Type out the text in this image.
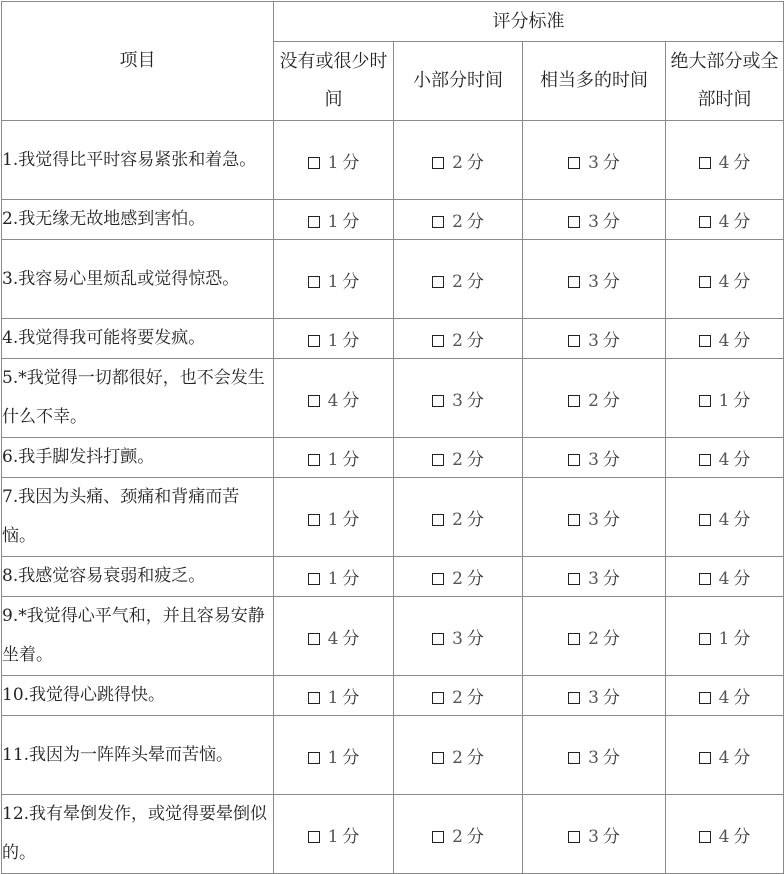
项目	评分标准			
	没有或很少时间	小部分时间	相当多的时间	绝大部分或全部时间
1.我觉得比平时容易紧张和着急。	1 分	2 分	3 分	4 分
2.我无缘无故地感到害怕。	1 分	2 分	3 分	4 分
3.我容易心里烦乱或觉得惊恐。	1 分	2 分	3 分	4 分
4.我觉得我可能将要发疯。	1 分	2 分	3 分	4 分
5.*我觉得一切都很好，也不会发生什么不幸。	4 分	3 分	2 分	1 分
6.我手脚发抖打颤。	1 分	2 分	3 分	4 分
7.我因为头痛、颈痛和背痛而苦恼。	1 分	2 分	3 分	4 分
8.我感觉容易衰弱和疲乏。	1 分	2 分	3 分	4 分
9.*我觉得心平气和，并且容易安静坐着。	4 分	3 分	2 分	1 分
10.我觉得心跳得快。	1 分	2 分	3 分	4 分
11.我因为一阵阵头晕而苦恼。	1 分	2 分	3 分	4 分
12.我有晕倒发作，或觉得要晕倒似的。	1 分	2 分	3 分	4 分
